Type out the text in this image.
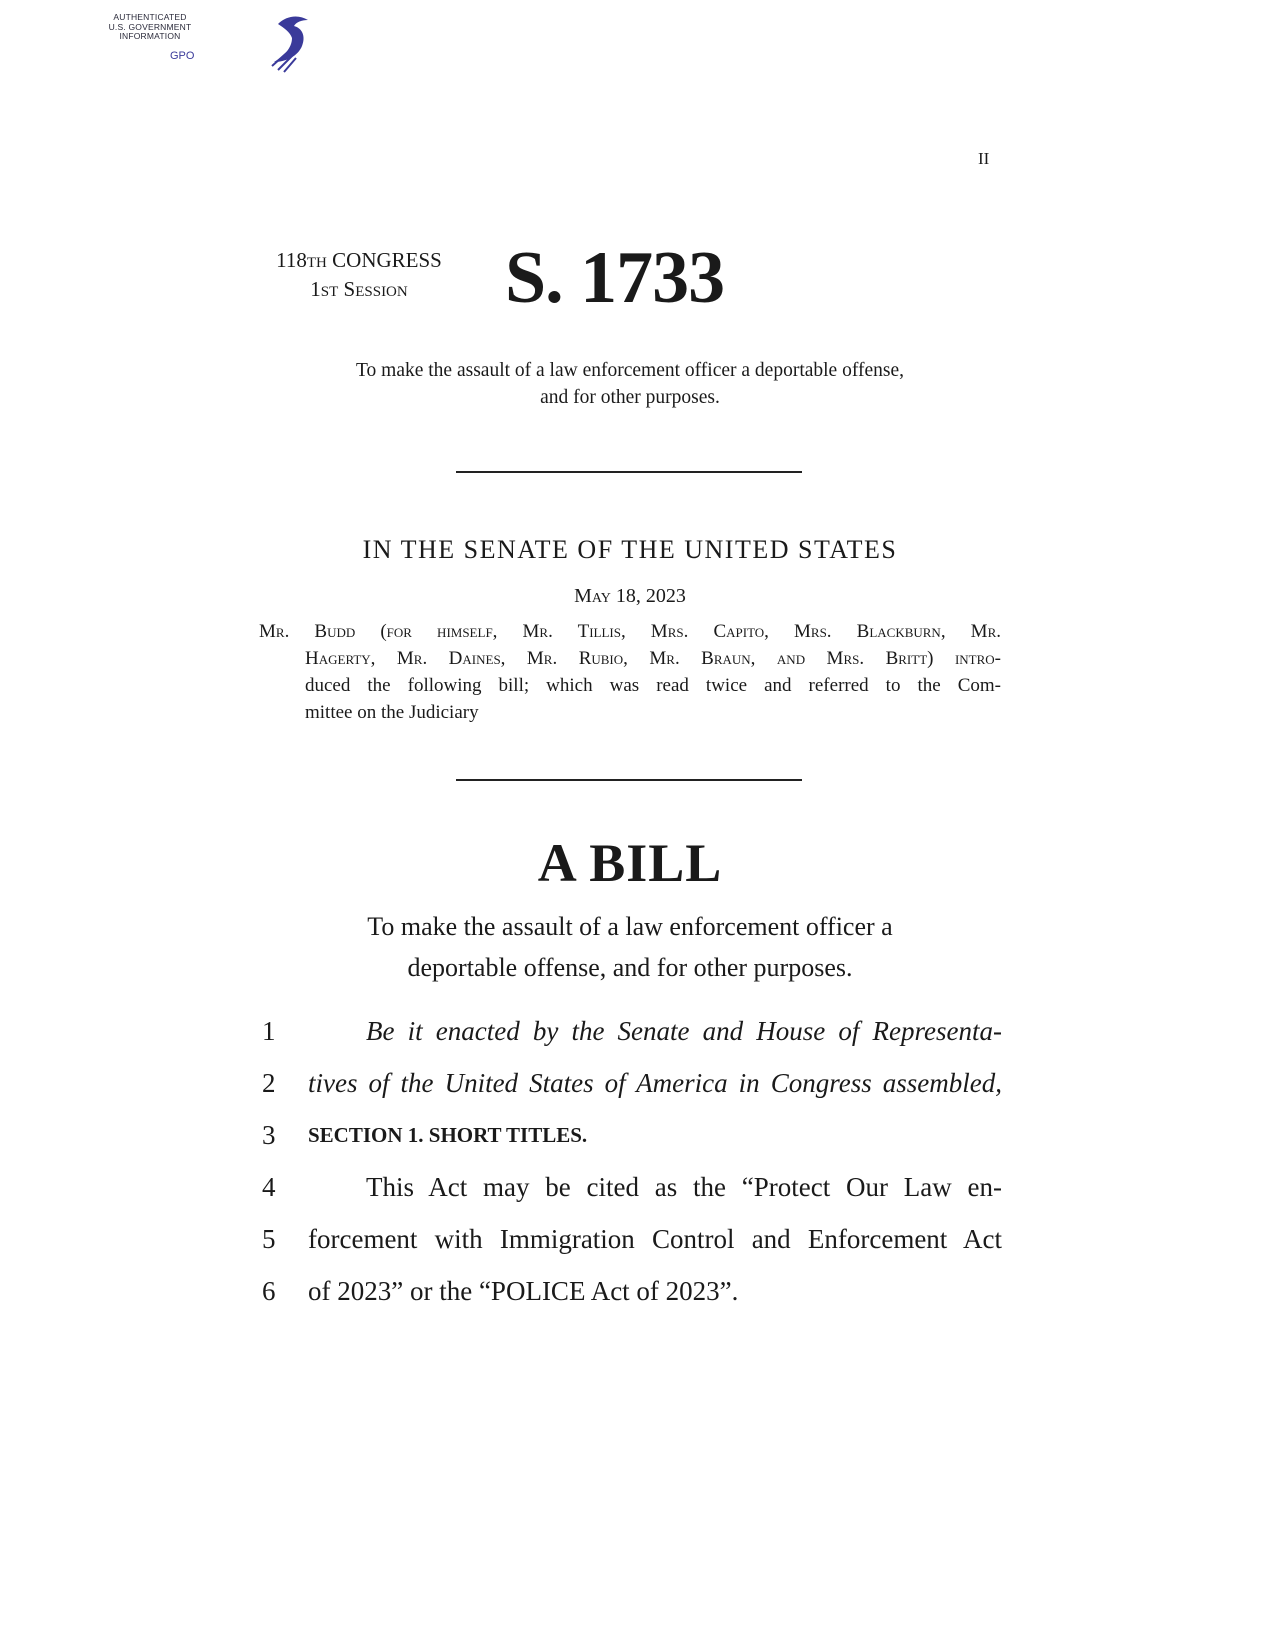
AUTHENTICATED
U.S. GOVERNMENT
INFORMATION
GPO
II
118TH CONGRESS
1ST SESSION	S. 1733
To make the assault of a law enforcement officer a deportable offense,
and for other purposes.
IN THE SENATE OF THE UNITED STATES
May 18, 2023
Mr. Budd (for himself, Mr. Tillis, Mrs. Capito, Mrs. Blackburn, Mr.
Hagerty, Mr. Daines, Mr. Rubio, Mr. Braun, and Mrs. Britt) intro-
duced the following bill; which was read twice and referred to the Com-
mittee on the Judiciary
A BILL
To make the assault of a law enforcement officer a
deportable offense, and for other purposes.
1	Be it enacted by the Senate and House of Representa-
2	tives of the United States of America in Congress assembled,
3	SECTION 1. SHORT TITLES.
4	This Act may be cited as the “Protect Our Law en-
5	forcement with Immigration Control and Enforcement Act
6	of 2023” or the “POLICE Act of 2023”.
